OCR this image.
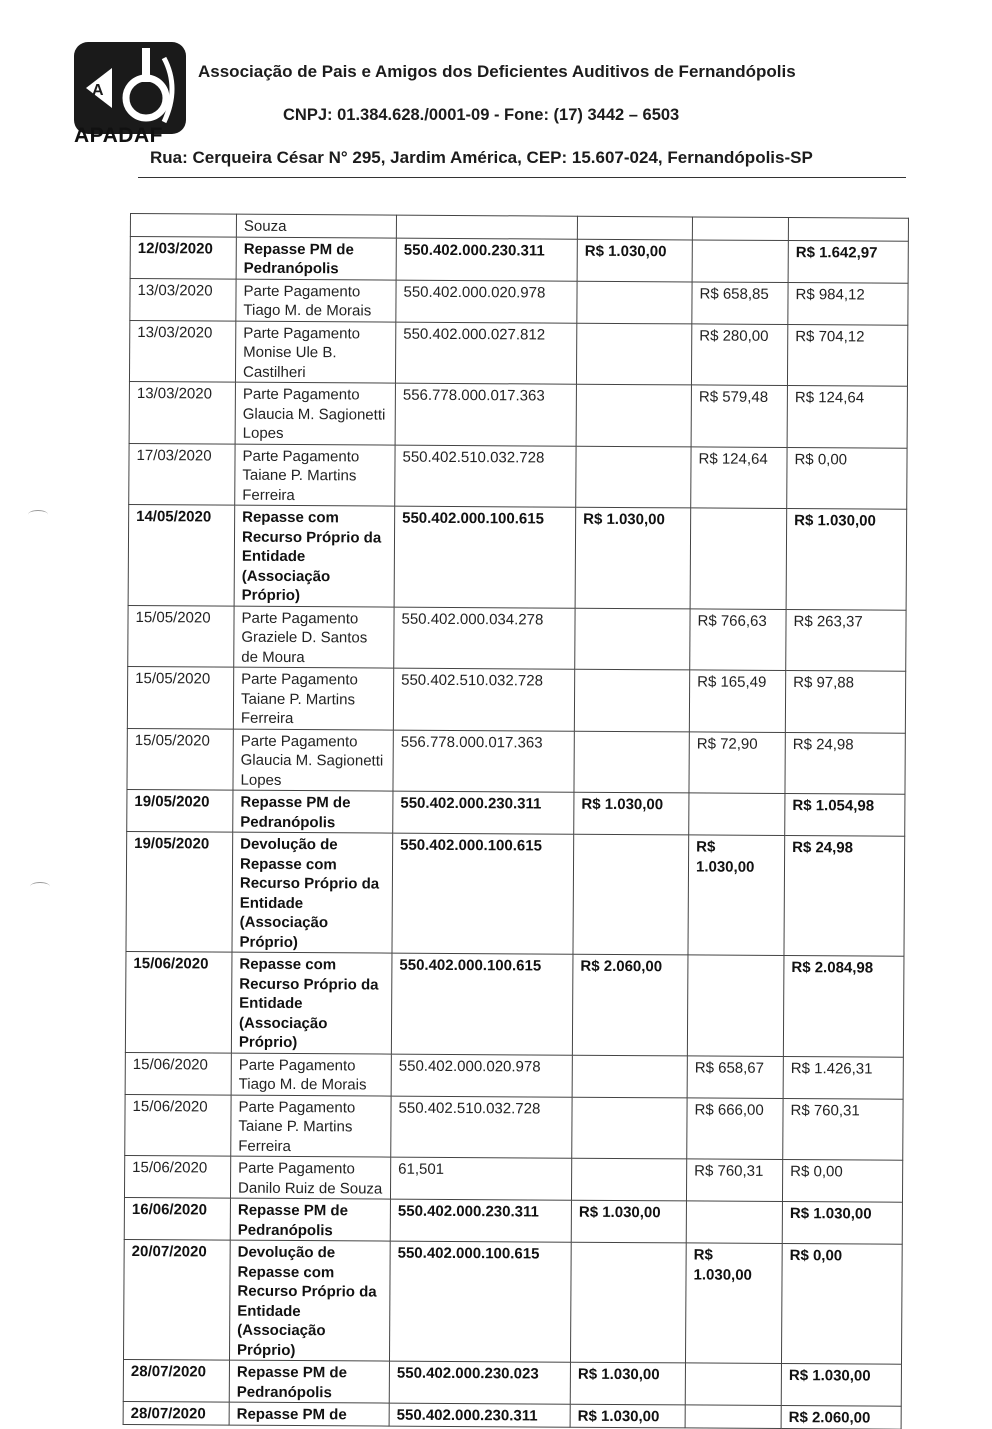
A
APADAF
Associação de Pais e Amigos dos Deficientes Auditivos de Fernandópolis
CNPJ: 01.384.628./0001-09 - Fone: (17) 3442 – 6503
Rua: Cerqueira César N° 295, Jardim América, CEP: 15.607-024, Fernandópolis-SP
	Souza				
12/03/2020	Repasse PM de Pedranópolis	550.402.000.230.311	R$ 1.030,00		R$ 1.642,97
13/03/2020	Parte Pagamento Tiago M. de Morais	550.402.000.020.978		R$ 658,85	R$ 984,12
13/03/2020	Parte Pagamento Monise Ule B. Castilheri	550.402.000.027.812		R$ 280,00	R$ 704,12
13/03/2020	Parte Pagamento Glaucia M. Sagionetti Lopes	556.778.000.017.363		R$ 579,48	R$ 124,64
17/03/2020	Parte Pagamento Taiane P. Martins Ferreira	550.402.510.032.728		R$ 124,64	R$ 0,00
14/05/2020	Repasse com Recurso Próprio da Entidade (Associação Próprio)	550.402.000.100.615	R$ 1.030,00		R$ 1.030,00
15/05/2020	Parte Pagamento Graziele D. Santos de Moura	550.402.000.034.278		R$ 766,63	R$ 263,37
15/05/2020	Parte Pagamento Taiane P. Martins Ferreira	550.402.510.032.728		R$ 165,49	R$ 97,88
15/05/2020	Parte Pagamento Glaucia M. Sagionetti Lopes	556.778.000.017.363		R$ 72,90	R$ 24,98
19/05/2020	Repasse PM de Pedranópolis	550.402.000.230.311	R$ 1.030,00		R$ 1.054,98
19/05/2020	Devolução de Repasse com Recurso Próprio da Entidade (Associação Próprio)	550.402.000.100.615		R$ 1.030,00	R$ 24,98
15/06/2020	Repasse com Recurso Próprio da Entidade (Associação Próprio)	550.402.000.100.615	R$ 2.060,00		R$ 2.084,98
15/06/2020	Parte Pagamento Tiago M. de Morais	550.402.000.020.978		R$ 658,67	R$ 1.426,31
15/06/2020	Parte Pagamento Taiane P. Martins Ferreira	550.402.510.032.728		R$ 666,00	R$ 760,31
15/06/2020	Parte Pagamento Danilo Ruiz de Souza	61,501		R$ 760,31	R$ 0,00
16/06/2020	Repasse PM de Pedranópolis	550.402.000.230.311	R$ 1.030,00		R$ 1.030,00
20/07/2020	Devolução de Repasse com Recurso Próprio da Entidade (Associação Próprio)	550.402.000.100.615		R$ 1.030,00	R$ 0,00
28/07/2020	Repasse PM de Pedranópolis	550.402.000.230.023	R$ 1.030,00		R$ 1.030,00
28/07/2020	Repasse PM de	550.402.000.230.311	R$ 1.030,00		R$ 2.060,00
